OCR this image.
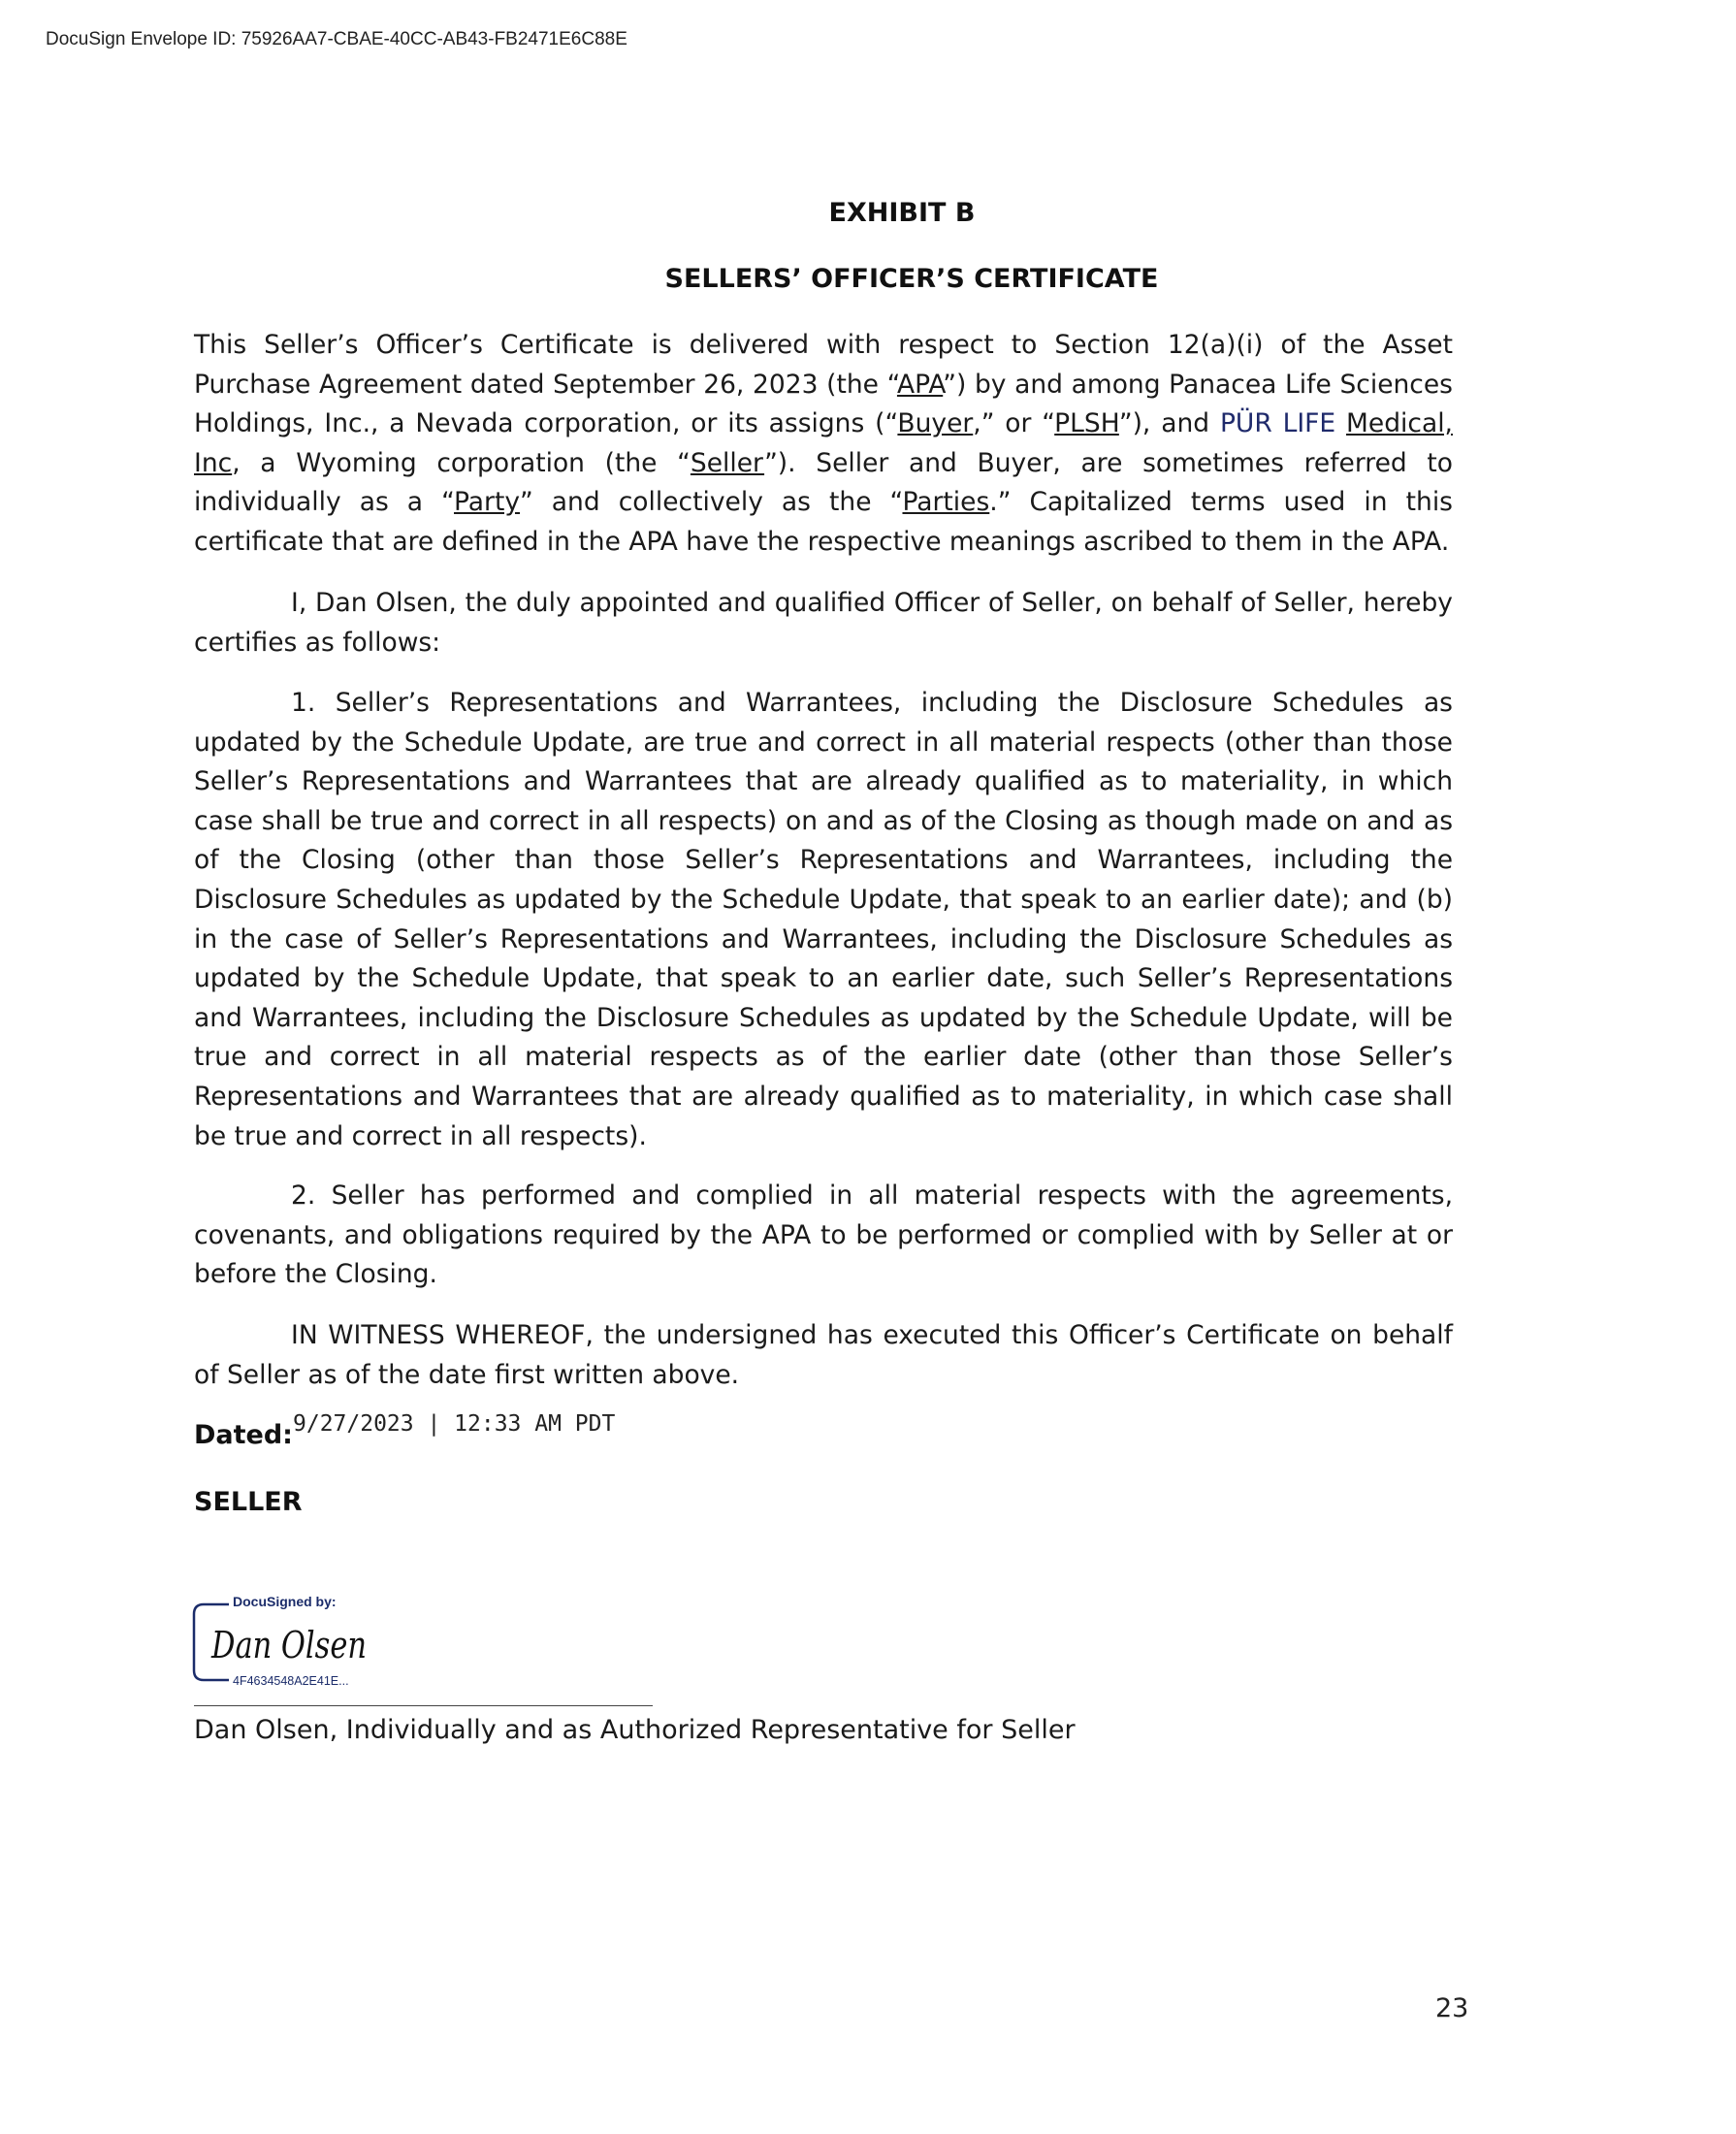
DocuSign Envelope ID: 75926AA7-CBAE-40CC-AB43-FB2471E6C88E
EXHIBIT B
SELLERS’ OFFICER’S CERTIFICATE

This Seller’s Officer’s Certificate is delivered with respect to Section 12(a)(i) of the Asset Purchase Agreement dated September 26, 2023 (the “APA”) by and among Panacea Life Sciences Holdings, Inc., a Nevada corporation, or its assigns (“Buyer,” or “PLSH”), and PÜR LIFE Medical, Inc, a Wyoming corporation (the “Seller”). Seller and Buyer, are sometimes referred to individually as a “Party” and collectively as the “Parties.” Capitalized terms used in this certificate that are defined in the APA have the respective meanings ascribed to them in the APA.

I, Dan Olsen, the duly appointed and qualified Officer of Seller, on behalf of Seller, hereby certifies as follows:

1. Seller’s Representations and Warrantees, including the Disclosure Schedules as updated by the Schedule Update, are true and correct in all material respects (other than those Seller’s Representations and Warrantees that are already qualified as to materiality, in which case shall be true and correct in all respects) on and as of the Closing as though made on and as of the Closing (other than those Seller’s Representations and Warrantees, including the Disclosure Schedules as updated by the Schedule Update, that speak to an earlier date); and (b) in the case of Seller’s Representations and Warrantees, including the Disclosure Schedules as updated by the Schedule Update, that speak to an earlier date, such Seller’s Representations and Warrantees, including the Disclosure Schedules as updated by the Schedule Update, will be true and correct in all material respects as of the earlier date (other than those Seller’s Representations and Warrantees that are already qualified as to materiality, in which case shall be true and correct in all respects).

2. Seller has performed and complied in all material respects with the agreements, covenants, and obligations required by the APA to be performed or complied with by Seller at or before the Closing.

IN WITNESS WHEREOF, the undersigned has executed this Officer’s Certificate on behalf of Seller as of the date first written above.

Dated: 9/27/2023 | 12:33 AM PDT
SELLER
DocuSigned by:
Dan Olsen
4F4634548A2E41E...
Dan Olsen, Individually and as Authorized Representative for Seller
23
